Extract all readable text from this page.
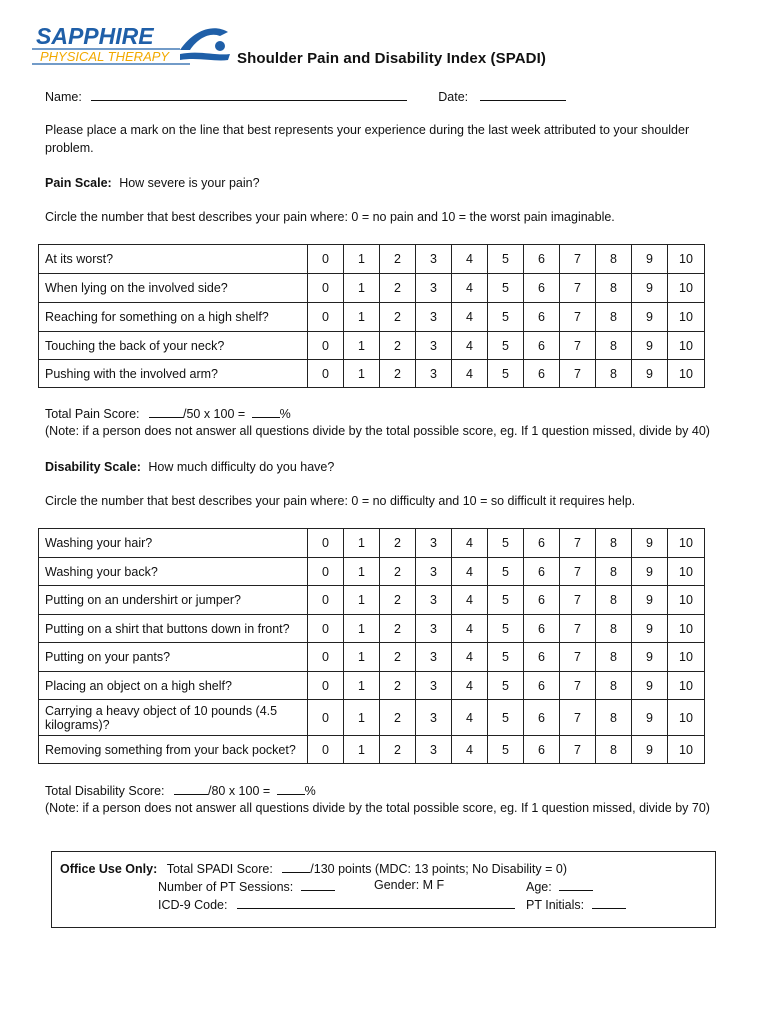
SAPPHIRE
PHYSICAL THERAPY	Shoulder Pain and Disability Index (SPADI)
Name:	Date:
Please place a mark on the line that best represents your experience during the last week attributed to your shoulder problem.
Pain Scale: How severe is your pain?
Circle the number that best describes your pain where: 0 = no pain and 10 = the worst pain imaginable.
At its worst?	0	1	2	3	4	5	6	7	8	9	10
When lying on the involved side?	0	1	2	3	4	5	6	7	8	9	10
Reaching for something on a high shelf?	0	1	2	3	4	5	6	7	8	9	10
Touching the back of your neck?	0	1	2	3	4	5	6	7	8	9	10
Pushing with the involved arm?	0	1	2	3	4	5	6	7	8	9	10
Total Pain Score:	/50 x 100 =	%
(Note: if a person does not answer all questions divide by the total possible score, eg. If 1 question missed, divide by 40)
Disability Scale: How much difficulty do you have?
Circle the number that best describes your pain where: 0 = no difficulty and 10 = so difficult it requires help.
Washing your hair?	0	1	2	3	4	5	6	7	8	9	10
Washing your back?	0	1	2	3	4	5	6	7	8	9	10
Putting on an undershirt or jumper?	0	1	2	3	4	5	6	7	8	9	10
Putting on a shirt that buttons down in front?	0	1	2	3	4	5	6	7	8	9	10
Putting on your pants?	0	1	2	3	4	5	6	7	8	9	10
Placing an object on a high shelf?	0	1	2	3	4	5	6	7	8	9	10
Carrying a heavy object of 10 pounds (4.5 kilograms)?	0	1	2	3	4	5	6	7	8	9	10
Removing something from your back pocket?	0	1	2	3	4	5	6	7	8	9	10
Total Disability Score:	/80 x 100 =	%
(Note: if a person does not answer all questions divide by the total possible score, eg. If 1 question missed, divide by 70)
Office Use Only: Total SPADI Score:	/130 points (MDC: 13 points; No Disability = 0)
Number of PT Sessions:	Gender: M F	Age:
ICD-9 Code:	PT Initials:
